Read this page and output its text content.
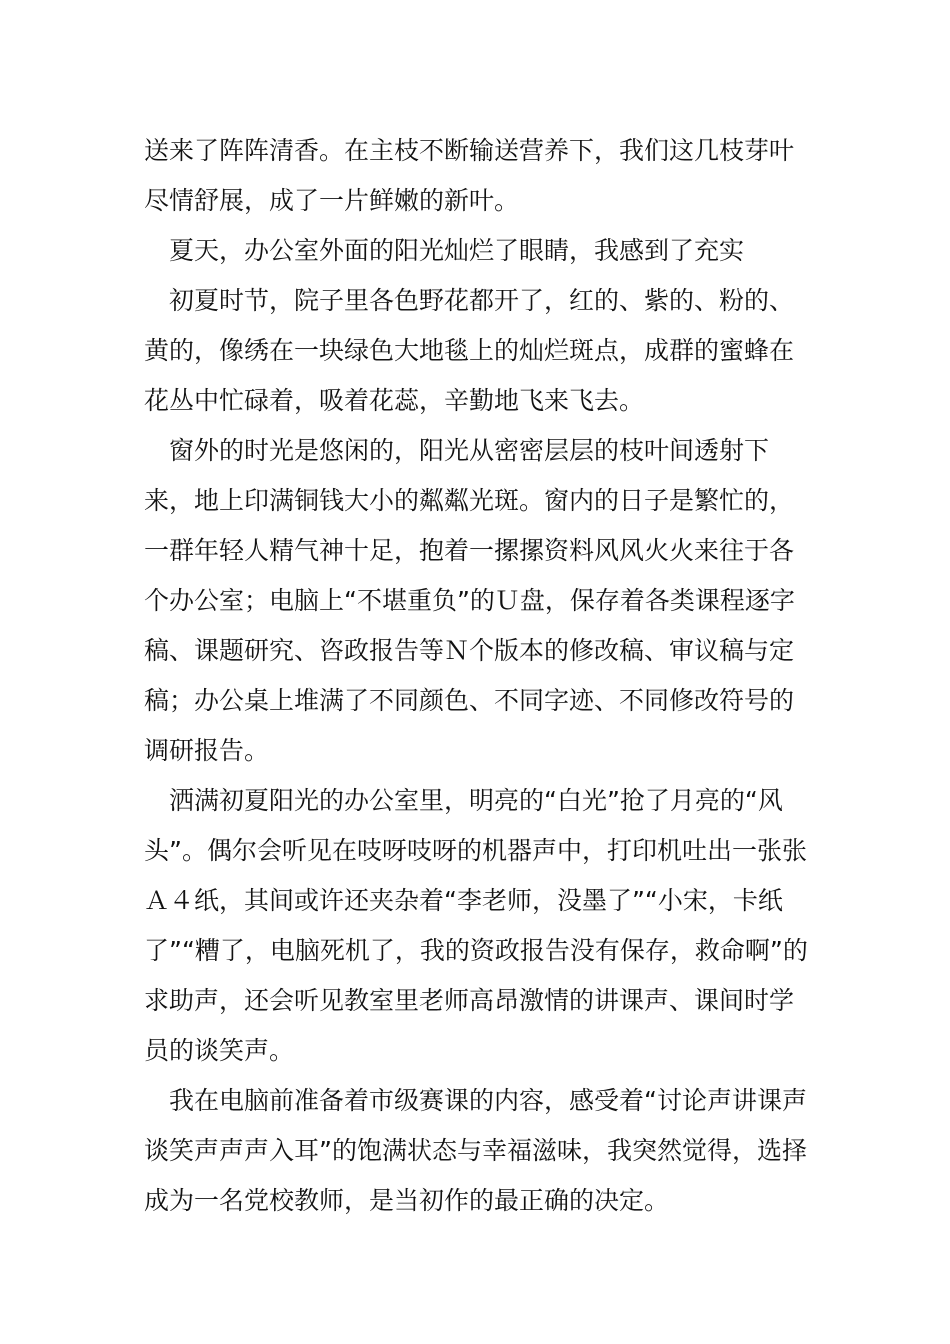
送来了阵阵清香。在主枝不断输送营养下，我们这几枝芽叶尽情舒展，成了一片鲜嫩的新叶。

夏天，办公室外面的阳光灿烂了眼睛，我感到了充实

初夏时节，院子里各色野花都开了，红的、紫的、粉的、黄的，像绣在一块绿色大地毯上的灿烂斑点，成群的蜜蜂在花丛中忙碌着，吸着花蕊，辛勤地飞来飞去。

窗外的时光是悠闲的，阳光从密密层层的枝叶间透射下来，地上印满铜钱大小的粼粼光斑。窗内的日子是繁忙的，一群年轻人精气神十足，抱着一摞摞资料风风火火来往于各个办公室；电脑上“不堪重负”的Ｕ盘，保存着各类课程逐字稿、课题研究、咨政报告等Ｎ个版本的修改稿、审议稿与定稿；办公桌上堆满了不同颜色、不同字迹、不同修改符号的调研报告。

洒满初夏阳光的办公室里，明亮的“白光”抢了月亮的“风头”。偶尔会听见在吱呀吱呀的机器声中，打印机吐出一张张Ａ４纸，其间或许还夹杂着“李老师，没墨了”“小宋，卡纸了”“糟了，电脑死机了，我的资政报告没有保存，救命啊”的求助声，还会听见教室里老师高昂激情的讲课声、课间时学员的谈笑声。

我在电脑前准备着市级赛课的内容，感受着“讨论声讲课声谈笑声声声入耳”的饱满状态与幸福滋味，我突然觉得，选择成为一名党校教师，是当初作的最正确的决定。
